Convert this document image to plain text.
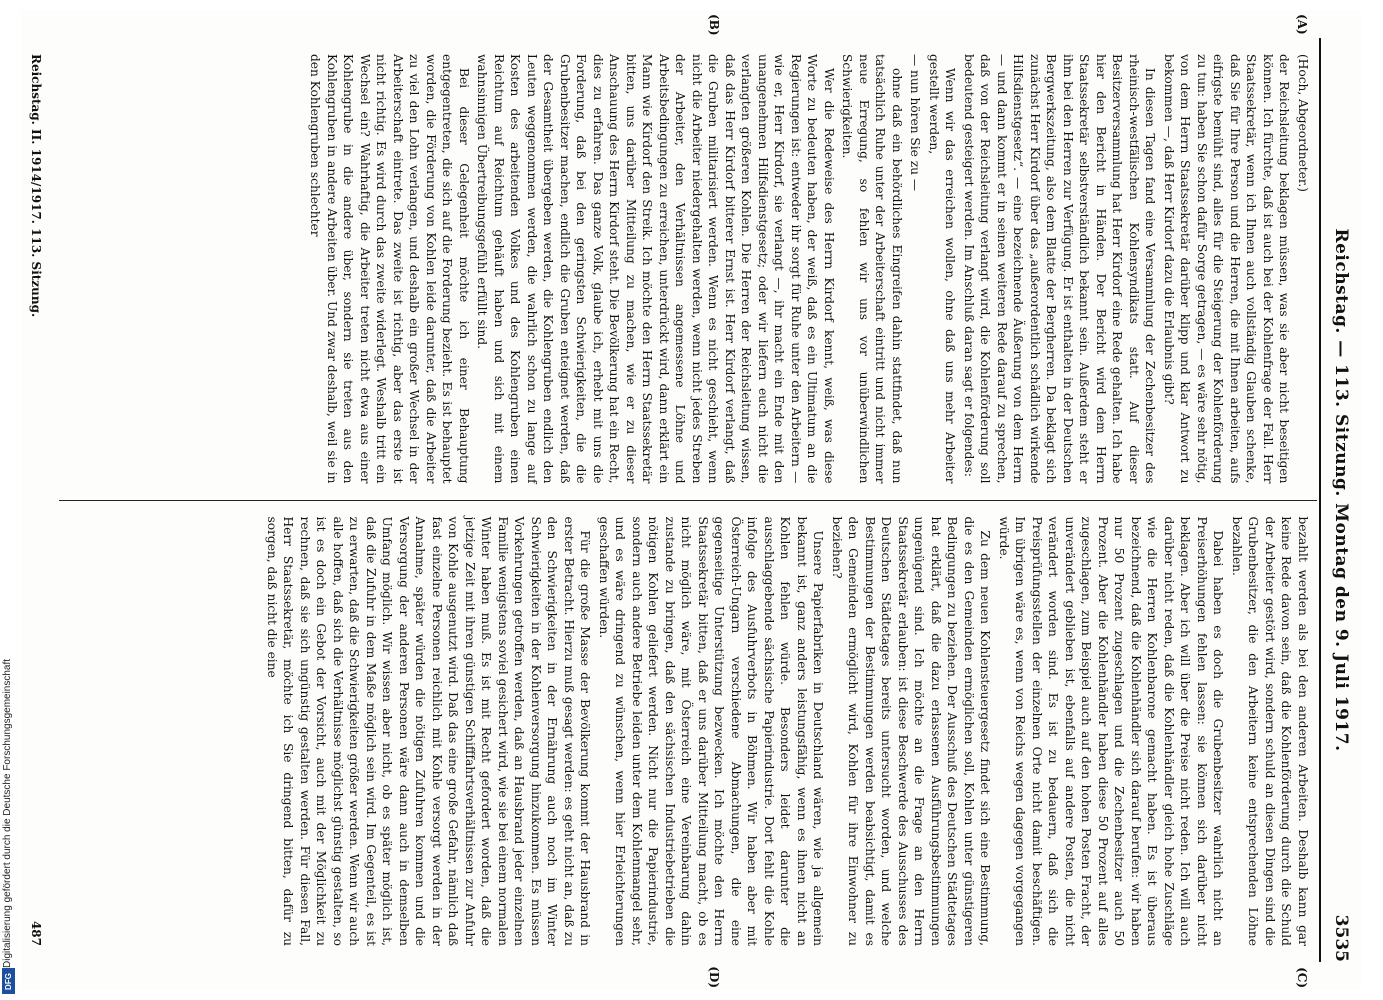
Reichstag. — 113. Sitzung. Montag den 9. Juli 1917.
3535
(A)
(B)
(C)
(D)

(Hoch, Abgeordneter.)

der Reichsleitung beklagen müssen, was sie aber nicht beseitigen können. Ich fürchte, daß ist auch bei der Kohlenfrage der Fall. Herr Staatssekretär, wenn ich Ihnen auch vollständig Glauben schenke, daß Sie für Ihre Person und die Herren, die mit Ihnen arbeiten, aufs eifrigste bemüht sind, alles für die Steigerung der Kohlenförderung zu tun: haben Sie schon dafür Sorge getragen, — es wäre sehr nötig, von dem Herrn Staatssekretär darüber klipp und klar Antwort zu bekommen —, daß Herr Kirdorf dazu die Erlaubnis gibt?

In diesen Tagen fand eine Versammlung der Zechenbesitzer des rheinisch-westfälischen Kohlensyndikats statt. Auf dieser Besitzerversammlung hat Herr Kirdorf eine Rede gehalten. Ich habe hier den Bericht in Händen. Der Bericht wird dem Herrn Staatssekretär selbstverständlich bekannt sein. Außerdem steht er ihm bei den Herren zur Verfügung. Er ist enthalten in der Deutschen Bergwerkszeitung, also dem Blatte der Bergherren. Da beklagt sich zunächst Herr Kirdorf über das „außerordentlich schädlich wirkende Hilfsdienstgesetz“. — eine bezeichnende Äußerung von dem Herrn — und dann kommt er in seinen weiteren Rede darauf zu sprechen, daß von der Reichsleitung verlangt wird, die Kohlenförderung soll bedeutend gesteigert werden. Im Anschluß daran sagt er folgendes:

Wenn wir das erreichen wollen, ohne daß uns mehr Arbeiter gestellt werden,

— nun hören Sie zu —

ohne daß ein behördliches Eingreifen dahin stattfindet, daß nun tatsächlich Ruhe unter der Arbeiterschaft eintritt und nicht immer neue Erregung, so fehlen wir uns vor unüberwindlichen Schwierigkeiten.

Wer die Redeweise des Herrn Kirdorf kennt, weiß, was diese Worte zu bedeuten haben, der weiß, daß es ein Ultimatum an die Regierungen ist: entweder ihr sorgt für Ruhe unter den Arbeitern — wie er, Herr Kirdorf, sie verlangt —, ihr macht ein Ende mit den unangenehmen Hilfsdienstgesetz; oder wir liefern euch nicht die verlangten größeren Kohlen. Die Herren der Reichsleitung wissen, daß das Herr Kirdorf bitterer Ernst ist. Herr Kirdorf verlangt, daß die Gruben militarisiert werden. Wenn es nicht geschieht, wenn nicht die Arbeiter niedergehalten werden, wenn nicht jedes Streben der Arbeiter, den Verhältnissen angemessene Löhne und Arbeitsbedingungen zu erreichen, unterdrückt wird, dann erklärt ein Mann wie Kirdorf den Streik. Ich möchte den Herrn Staatssekretär bitten, uns darüber Mitteilung zu machen, wie er zu dieser Anschauung des Herrn Kirdorf steht. Die Bevölkerung hat ein Recht, dies zu erfahren. Das ganze Volk, glaube ich, erhebt mit uns die Forderung, daß bei den geringsten Schwierigkeiten, die die Grubenbesitzer machen, endlich die Gruben enteignet werden, daß der Gesamtheit übergeben werden, die Kohlengruben endlich den Leuten weggenommen werden, die wahrlich schon zu lange auf Kosten des arbeitenden Volkes und des Kohlengruben einen Reichtum auf Reichtum gehäuft haben und sich mit einem wahnsinnigen Übertreibungsgefühl erfüllt sind.

Bei dieser Gelegenheit möchte ich einer Behauptung entgegentreten, die sich auf die Forderung bezieht. Es ist behauptet worden, die Förderung von Kohlen leide darunter, daß die Arbeiter zu viel den Lohn verlangen, und deshalb ein großer Wechsel in der Arbeiterschaft eintrete. Das zweite ist richtig, aber das erste ist nicht richtig. Es wird durch das zweite widerlegt. Weshalb tritt ein Wechsel ein? Wahrhaftig, die Arbeiter treten nicht etwa aus einer Kohlengrube in die andere über, sondern sie treten aus den Kohlengruben in andere Arbeiten über. Und zwar deshalb, weil sie in den Kohlengruben schlechter

bezahlt werden als bei den anderen Arbeiten. Deshalb kann gar keine Rede davon sein, daß die Kohlenförderung durch die Schuld der Arbeiter gestört wird, sondern schuld an diesen Dingen sind die Grubenbesitzer, die den Arbeitern keine entsprechenden Löhne bezahlen.

Dabei haben es doch die Grubenbesitzer wahrlich nicht an Preiserhöhungen fehlen lassen: sie können sich darüber nicht beklagen. Aber ich will über die Preise nicht reden. Ich will auch darüber nicht reden, daß die Kohlenhändler gleich hohe Zuschläge wie die Herren Kohlenbarone gemacht haben. Es ist überaus bezeichnend, daß die Kohlenhändler sich darauf berufen: wir haben nur 50 Prozent zugeschlagen und die Zechenbesitzer auch 50 Prozent. Aber die Kohlenhändler haben diese 50 Prozent auf alles zugeschlagen, zum Beispiel auch auf den hohen Posten Fracht, der unverändert geblieben ist, ebenfalls auf andere Posten, die nicht verändert worden sind. Es ist zu bedauern, daß sich die Preisprüfungsstellen der einzelnen Orte nicht damit beschäftigen. Im übrigen wäre es, wenn von Reichs wegen dagegen vorgegangen würde.

Zu dem neuen Kohlensteuergesetz findet sich eine Bestimmung, die es den Gemeinden ermöglichen soll, Kohlen unter günstigeren Bedingungen zu beziehen. Der Ausschuß des Deutschen Städtetages hat erklärt, daß die dazu erlassenen Ausführungsbestimmungen ungenügend sind. Ich möchte an die Frage an den Herrn Staatssekretär erlauben: ist diese Beschwerde des Ausschusses des Deutschen Städtetages bereits untersucht worden, und welche Bestimmungen der Bestimmungen werden beabsichtigt, damit es den Gemeinden ermöglicht wird, Kohlen für ihre Einwohner zu beziehen?

Unsere Papierfabriken in Deutschland wären, wie ja allgemein bekannt ist, ganz anders leistungsfähig, wenn es ihnen nicht an Kohlen fehlen würde. Besonders leidet darunter die ausschlaggebende sächsische Papierindustrie. Dort fehlt die Kohle infolge des Ausfuhrverbots in Böhmen. Wir haben aber mit Österreich-Ungarn verschiedene Abmachungen, die eine gegenseitige Unterstützung bezwecken. Ich möchte den Herrn Staatssekretär bitten, daß er uns darüber Mitteilung macht, ob es nicht möglich wäre, mit Österreich eine Vereinbarung dahin zustande zu bringen, daß den sächsischen Industriebetrieben die nötigen Kohlen geliefert werden. Nicht nur die Papierindustrie, sondern auch andere Betriebe leiden unter dem Kohlenmangel sehr, und es wäre dringend zu wünschen, wenn hier Erleichterungen geschaffen würden.

Für die große Masse der Bevölkerung kommt der Hausbrand in erster Betracht. Hierzu muß gesagt werden: es geht nicht an, daß zu den Schwierigkeiten in der Ernährung auch noch im Winter Schwierigkeiten in der Kohlenversorgung hinzukommen. Es müssen Vorkehrungen getroffen werden, daß an Hausbrand jeder einzelnen Familie wenigstens soviel gesichert wird, wie sie bei einem normalen Winter haben muß. Es ist mit Recht gefordert worden, daß die jetzige Zeit mit ihren günstigen Schifffahrtsverhältnissen zur Anfuhr von Kohle ausgenutzt wird. Daß das eine große Gefahr, nämlich daß fast einzelne Personen reichlich mit Kohle versorgt werden in der Annahme, später würden die nötigen Zufuhren kommen und die Versorgung der anderen Personen wäre dann auch in demselben Umfang möglich. Wir wissen aber nicht, ob es später möglich ist, daß die Zufuhr in dem Maße möglich sein wird. Im Gegenteil, es ist zu erwarten, daß die Schwierigkeiten größer werden. Wenn wir auch alle hoffen, daß sich die Verhältnisse möglichst günstig gestalten, so ist es doch ein Gebot der Vorsicht, auch mit der Möglichkeit zu rechnen, daß sie sich ungünstig gestalten werden. Für diesen Fall, Herr Staatssekretär, möchte ich Sie dringend bitten, dafür zu sorgen, daß nicht die eine

Reichstag. II. 1914/1917. 113. Sitzung.
487
Digitalisierung gefördert durch die Deutsche Forschungsgemeinschaft
DFG
